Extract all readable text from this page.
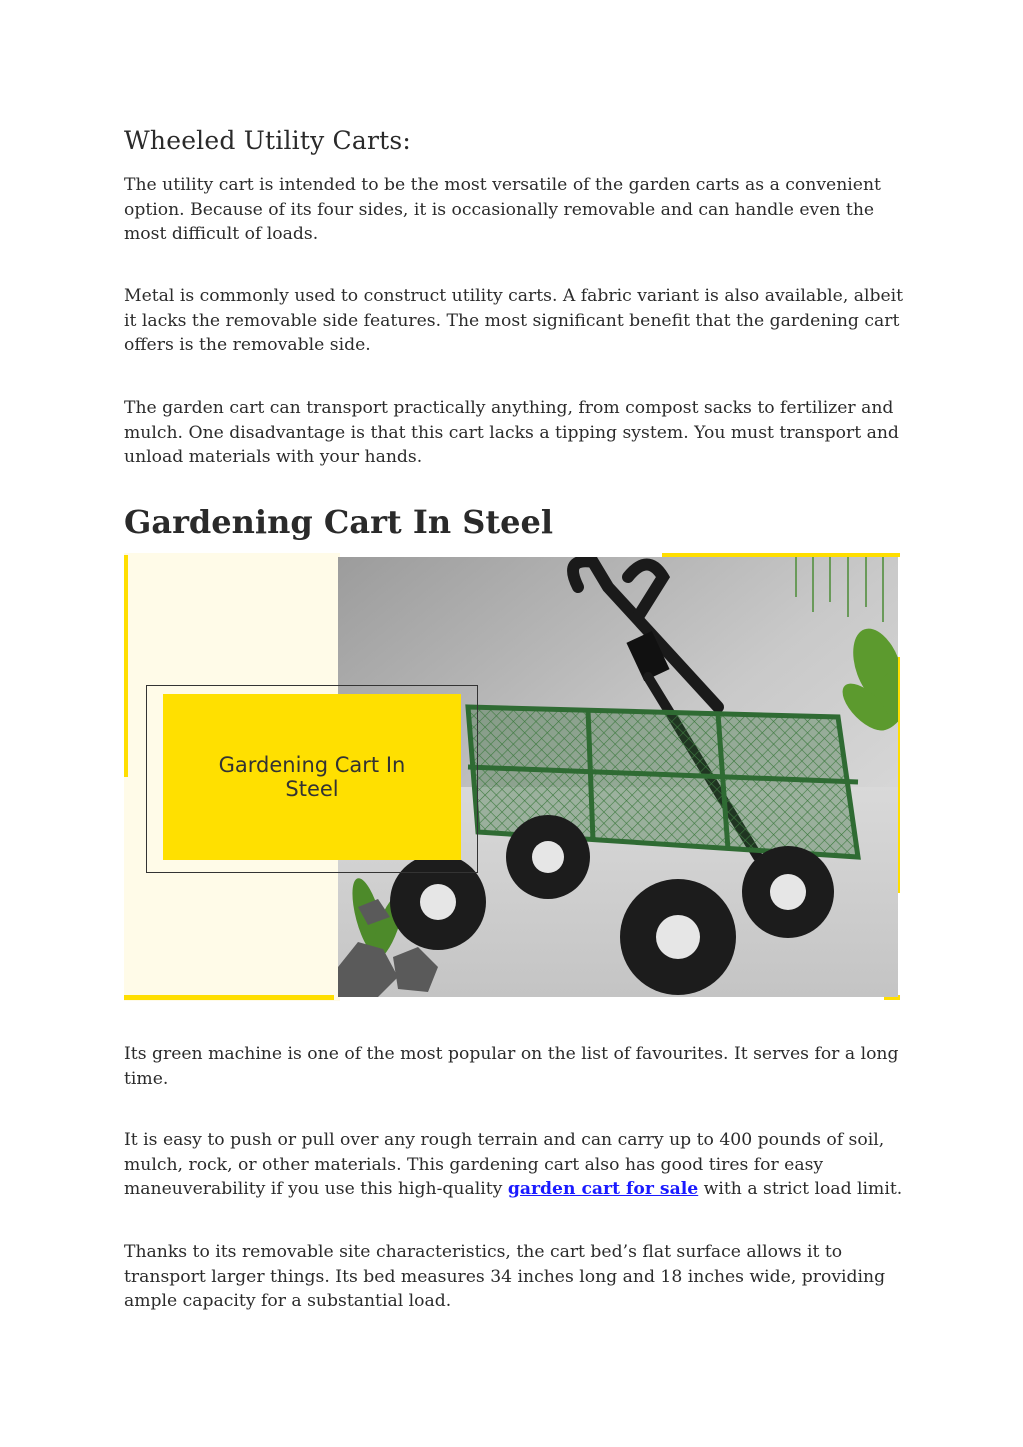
Wheeled Utility Carts:

The utility cart is intended to be the most versatile of the garden carts as a convenient option. Because of its four sides, it is occasionally removable and can handle even the most difficult of loads.

Metal is commonly used to construct utility carts. A fabric variant is also available, albeit it lacks the removable side features. The most significant benefit that the gardening cart offers is the removable side.

The garden cart can transport practically anything, from compost sacks to fertilizer and mulch. One disadvantage is that this cart lacks a tipping system. You must transport and unload materials with your hands.

Gardening Cart In Steel
Gardening Cart In Steel

Its green machine is one of the most popular on the list of favourites. It serves for a long time.

It is easy to push or pull over any rough terrain and can carry up to 400 pounds of soil, mulch, rock, or other materials. This gardening cart also has good tires for easy maneuverability if you use this high-quality garden cart for sale with a strict load limit.

Thanks to its removable site characteristics, the cart bed’s flat surface allows it to transport larger things. Its bed measures 34 inches long and 18 inches wide, providing ample capacity for a substantial load.
